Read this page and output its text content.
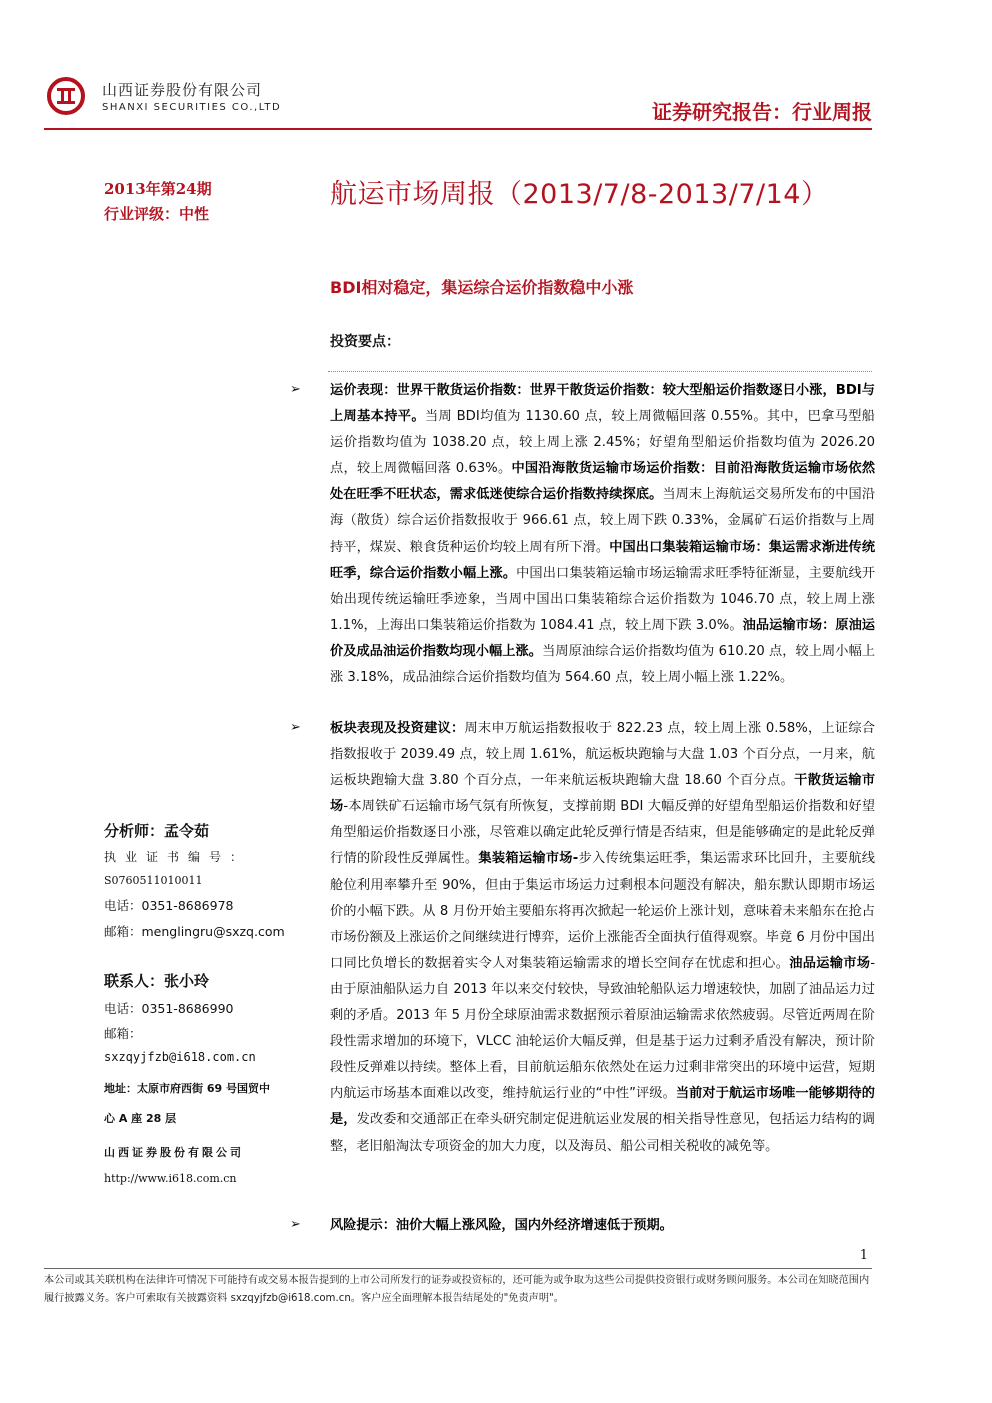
山西证券股份有限公司
SHANXI SECURITIES CO.,LTD	证券研究报告：行业周报
2013年第24期
行业评级：中性
航运市场周报（2013/7/8-2013/7/14）
BDI相对稳定，集运综合运价指数稳中小涨
投资要点：
➢ 运价表现：世界干散货运价指数：世界干散货运价指数：较大型船运价指数逐日小涨，BDI与上周基本持平。当周 BDI均值为 1130.60 点，较上周微幅回落 0.55%。其中，巴拿马型船运价指数均值为 1038.20 点，较上周上涨 2.45%；好望角型船运价指数均值为 2026.20 点，较上周微幅回落 0.63%。中国沿海散货运输市场运价指数：目前沿海散货运输市场依然处在旺季不旺状态，需求低迷使综合运价指数持续探底。当周末上海航运交易所发布的中国沿海（散货）综合运价指数报收于 966.61 点，较上周下跌 0.33%，金属矿石运价指数与上周持平，煤炭、粮食货种运价均较上周有所下滑。中国出口集装箱运输市场：集运需求渐进传统旺季，综合运价指数小幅上涨。中国出口集装箱运输市场运输需求旺季特征渐显，主要航线开始出现传统运输旺季迹象，当周中国出口集装箱综合运价指数为 1046.70 点，较上周上涨 1.1%，上海出口集装箱运价指数为 1084.41 点，较上周下跌 3.0%。油品运输市场：原油运价及成品油运价指数均现小幅上涨。当周原油综合运价指数均值为 610.20 点，较上周小幅上涨 3.18%，成品油综合运价指数均值为 564.60 点，较上周小幅上涨 1.22%。
➢ 板块表现及投资建议：周末申万航运指数报收于 822.23 点，较上周上涨 0.58%，上证综合指数报收于 2039.49 点，较上周 1.61%，航运板块跑输与大盘 1.03 个百分点，一月来，航运板块跑输大盘 3.80 个百分点，一年来航运板块跑输大盘 18.60 个百分点。干散货运输市场-本周铁矿石运输市场气氛有所恢复，支撑前期 BDI 大幅反弹的好望角型船运价指数和好望角型船运价指数逐日小涨，尽管难以确定此轮反弹行情是否结束，但是能够确定的是此轮反弹行情的阶段性反弹属性。集装箱运输市场-步入传统集运旺季，集运需求环比回升，主要航线舱位利用率攀升至 90%，但由于集运市场运力过剩根本问题没有解决，船东默认即期市场运价的小幅下跌。从 8 月份开始主要船东将再次掀起一轮运价上涨计划，意味着未来船东在抢占市场份额及上涨运价之间继续进行博弈，运价上涨能否全面执行值得观察。毕竟 6 月份中国出口同比负增长的数据着实令人对集装箱运输需求的增长空间存在忧虑和担心。油品运输市场-由于原油船队运力自 2013 年以来交付较快，导致油轮船队运力增速较快，加剧了油品运力过剩的矛盾。2013 年 5 月份全球原油需求数据预示着原油运输需求依然疲弱。尽管近两周在阶段性需求增加的环境下，VLCC 油轮运价大幅反弹，但是基于运力过剩矛盾没有解决，预计阶段性反弹难以持续。整体上看，目前航运船东依然处在运力过剩非常突出的环境中运营，短期内航运市场基本面难以改变，维持航运行业的“中性”评级。当前对于航运市场唯一能够期待的是，发改委和交通部正在牵头研究制定促进航运业发展的相关指导性意见，包括运力结构的调整，老旧船淘汰专项资金的加大力度，以及海员、船公司相关税收的减免等。
➢ 风险提示：油价大幅上涨风险，国内外经济增速低于预期。
分析师：孟令茹
执业证书编号：
S0760511010011
电话：0351-8686978
邮箱：menglingru@sxzq.com
联系人：张小玲
电话：0351-8686990
邮箱：
sxzqyjfzb@i618.com.cn
地址：太原市府西街 69 号国贸中
心 A 座 28 层
山西证券股份有限公司
http://www.i618.com.cn
1
本公司或其关联机构在法律许可情况下可能持有或交易本报告提到的上市公司所发行的证券或投资标的，还可能为或争取为这些公司提供投资银行或财务顾问服务。本公司在知晓范围内履行披露义务。客户可索取有关披露资料 sxzqyjfzb@i618.com.cn。客户应全面理解本报告结尾处的"免责声明"。
